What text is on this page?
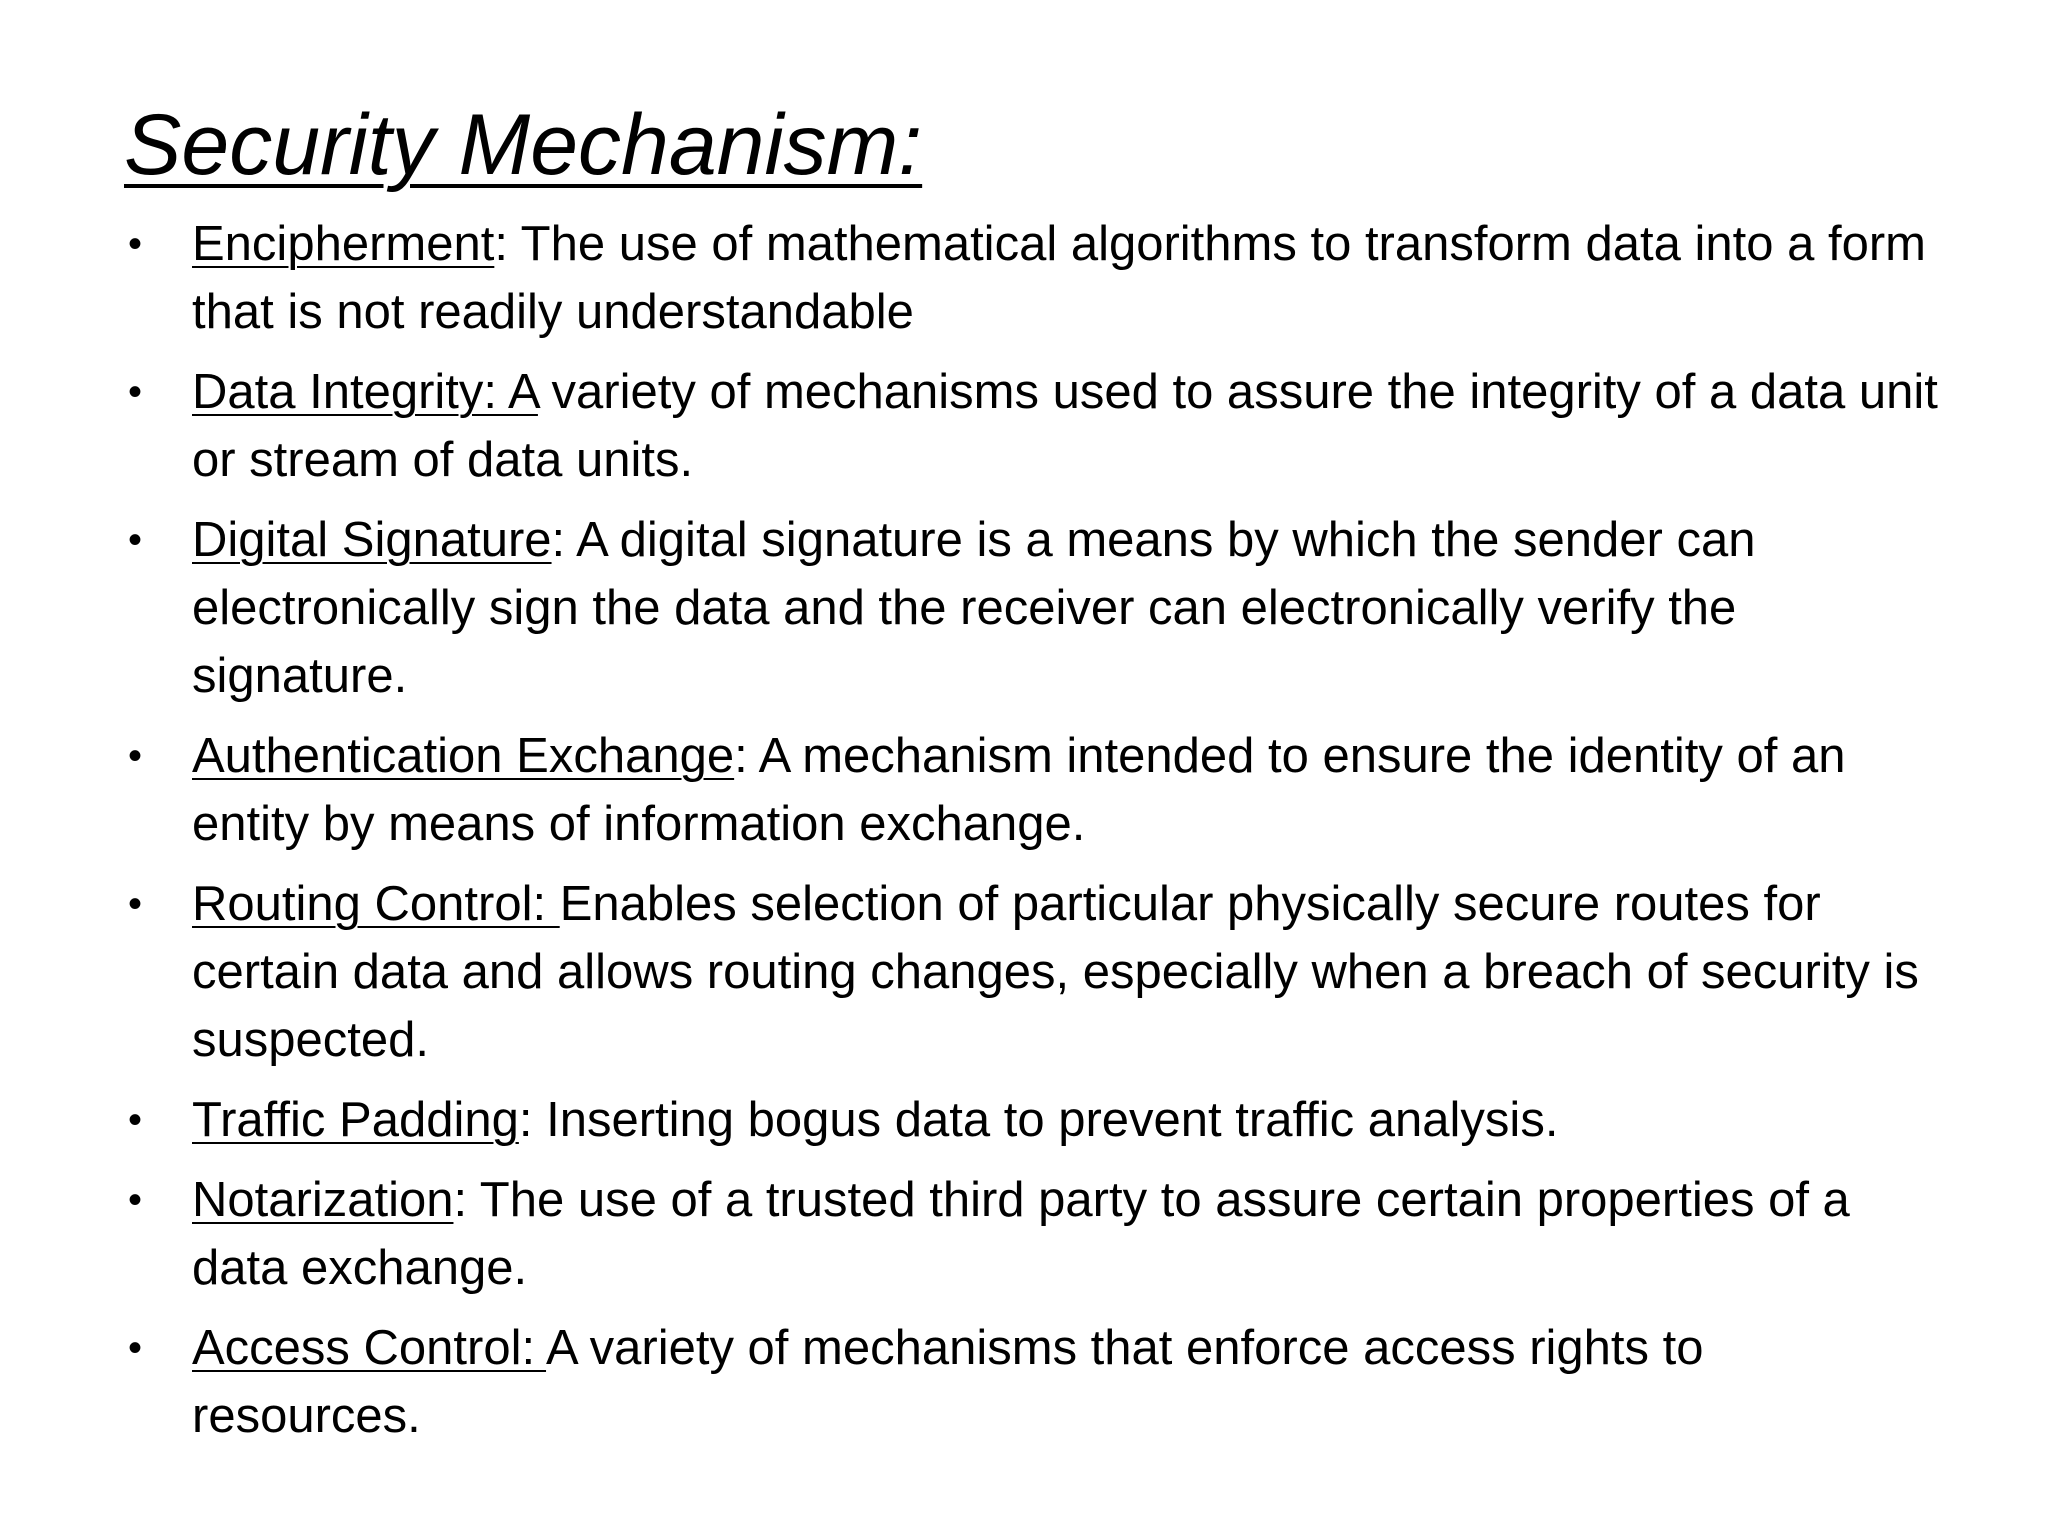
Security Mechanism:
• Encipherment: The use of mathematical algorithms to transform data into a form that is not readily understandable
• Data Integrity: A variety of mechanisms used to assure the integrity of a data unit or stream of data units.
• Digital Signature: A digital signature is a means by which the sender can electronically sign the data and the receiver can electronically verify the signature.
• Authentication Exchange: A mechanism intended to ensure the identity of an entity by means of information exchange.
• Routing Control: Enables selection of particular physically secure routes for certain data and allows routing changes, especially when a breach of security is suspected.
• Traffic Padding: Inserting bogus data to prevent traffic analysis.
• Notarization: The use of a trusted third party to assure certain properties of a data exchange.
• Access Control: A variety of mechanisms that enforce access rights to resources.
